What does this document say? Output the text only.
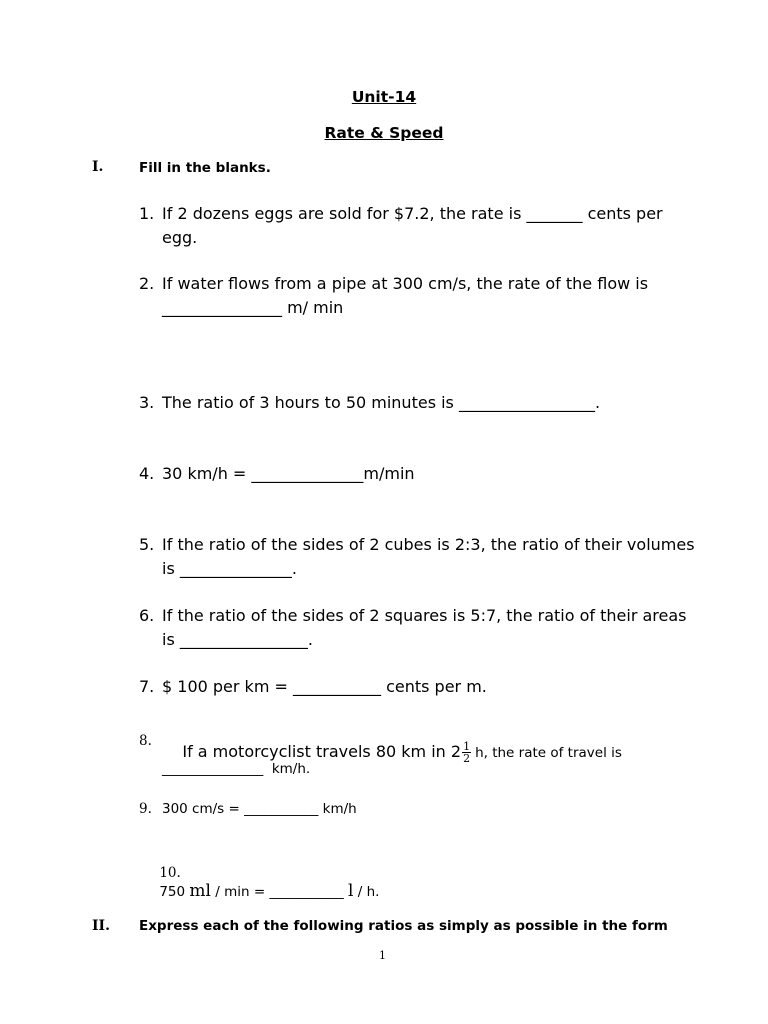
Unit-14
Rate & Speed
I.	Fill in the blanks.
1. If 2 dozens eggs are sold for $7.2, the rate is _______ cents per
egg.
2. If water flows from a pipe at 300 cm/s, the rate of the flow is
_______________ m/ min
3. The ratio of 3 hours to 50 minutes is _________________.
4. 30 km/h = ______________m/min
5. If the ratio of the sides of 2 cubes is 2:3, the ratio of their volumes
is ______________.
6. If the ratio of the sides of 2 squares is 5:7, the ratio of their areas
is ________________.
7. $ 100 per km = ___________ cents per m.
8.

If a motorcyclist travels 80 km in $2 \frac{1}{2} h$, the rate of travel is

_______________  km/h.
9. 300 cm/s = ___________ km/h

10.
750 ml / min = ___________ l / h.

II. Express each of the following ratios as simply as possible in the form
1
